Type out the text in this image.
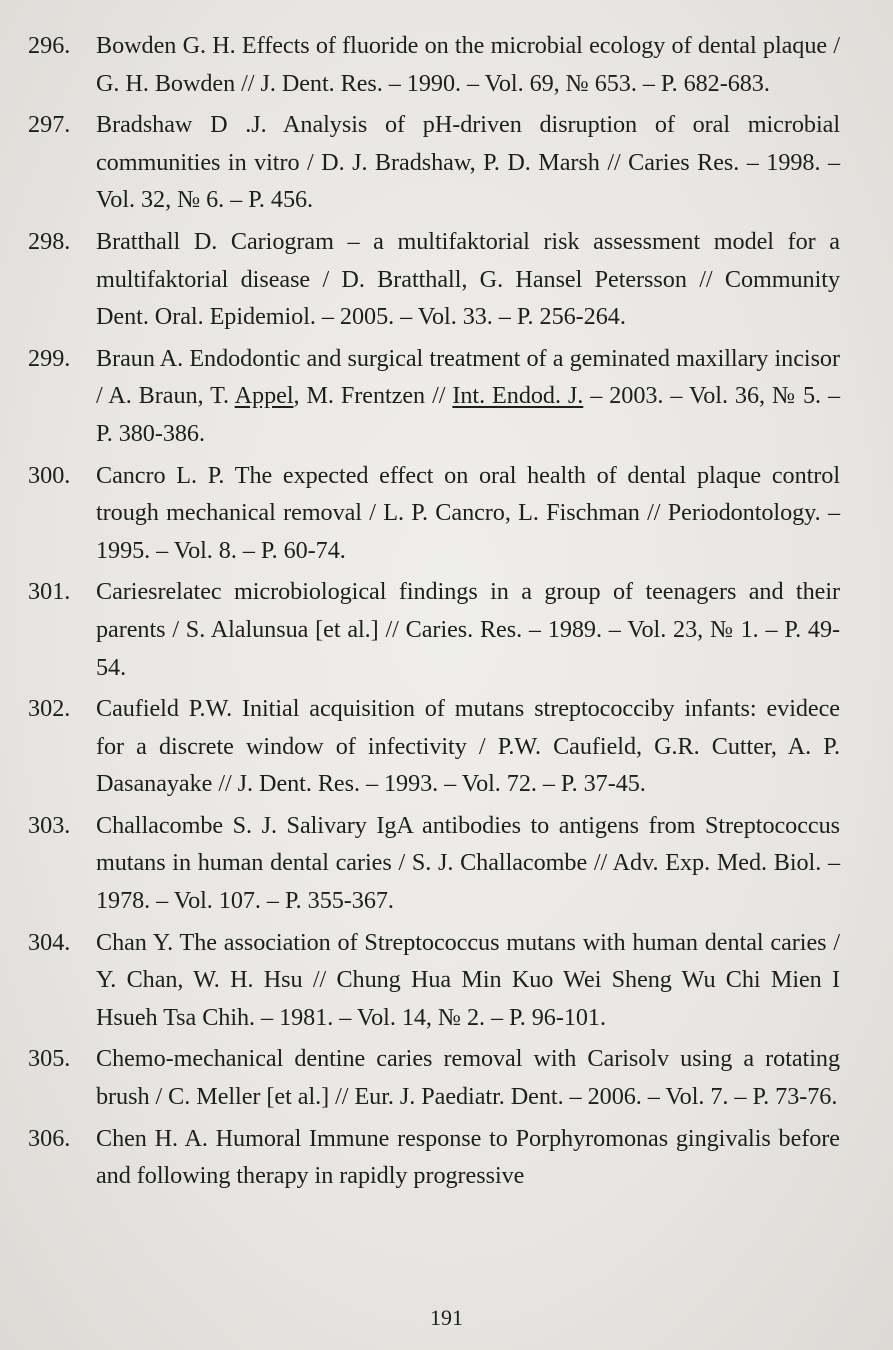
296.	Bowden G. H. Effects of fluoride on the microbial ecology of dental plaque / G. H. Bowden // J. Dent. Res. – 1990. – Vol. 69, № 653. – P. 682-683.
297.	Bradshaw D .J. Analysis of pH-driven disruption of oral microbial communities in vitro / D. J. Bradshaw, P. D. Marsh // Caries Res. – 1998. – Vol. 32, № 6. – P. 456.
298.	Bratthall D. Cariogram – a multifaktorial risk assessment model for a multifaktorial disease / D. Bratthall, G. Hansel Petersson // Community Dent. Oral. Epidemiol. – 2005. – Vol. 33. – P. 256-264.
299.	Braun A. Endodontic and surgical treatment of a geminated maxillary incisor / A. Braun, T. Appel, M. Frentzen // Int. Endod. J. – 2003. – Vol. 36, № 5. – P. 380-386.
300.	Cancro L. P. The expected effect on oral health of dental plaque control trough mechanical removal / L. P. Cancro, L. Fischman // Periodontology. – 1995. – Vol. 8. – P. 60-74.
301.	Cariesrelatec microbiological findings in a group of teenagers and their parents / S. Alalunsua [et al.] // Caries. Res. – 1989. – Vol. 23, № 1. – P. 49-54.
302.	Caufield P.W. Initial acquisition of mutans streptococciby infants: evidece for a discrete window of infectivity / P.W. Caufield, G.R. Cutter, A. P. Dasanayake // J. Dent. Res. – 1993. – Vol. 72. – P. 37-45.
303.	Challacombe S. J. Salivary IgA antibodies to antigens from Streptococcus mutans in human dental caries / S. J. Challacombe // Adv. Exp. Med. Biol. – 1978. – Vol. 107. – P. 355-367.
304.	Chan Y. The association of Streptococcus mutans with human dental caries / Y. Chan, W. H. Hsu // Chung Hua Min Kuo Wei Sheng Wu Chi Mien I Hsueh Tsa Chih. – 1981. – Vol. 14, № 2. – P. 96-101.
305.	Chemo-mechanical dentine caries removal with Carisolv using a rotating brush / C. Meller [et al.] // Eur. J. Paediatr. Dent. – 2006. – Vol. 7. – P. 73-76.
306.	Chen H. A. Humoral Immune response to Porphyromonas gingivalis before and following therapy in rapidly progressive
191
